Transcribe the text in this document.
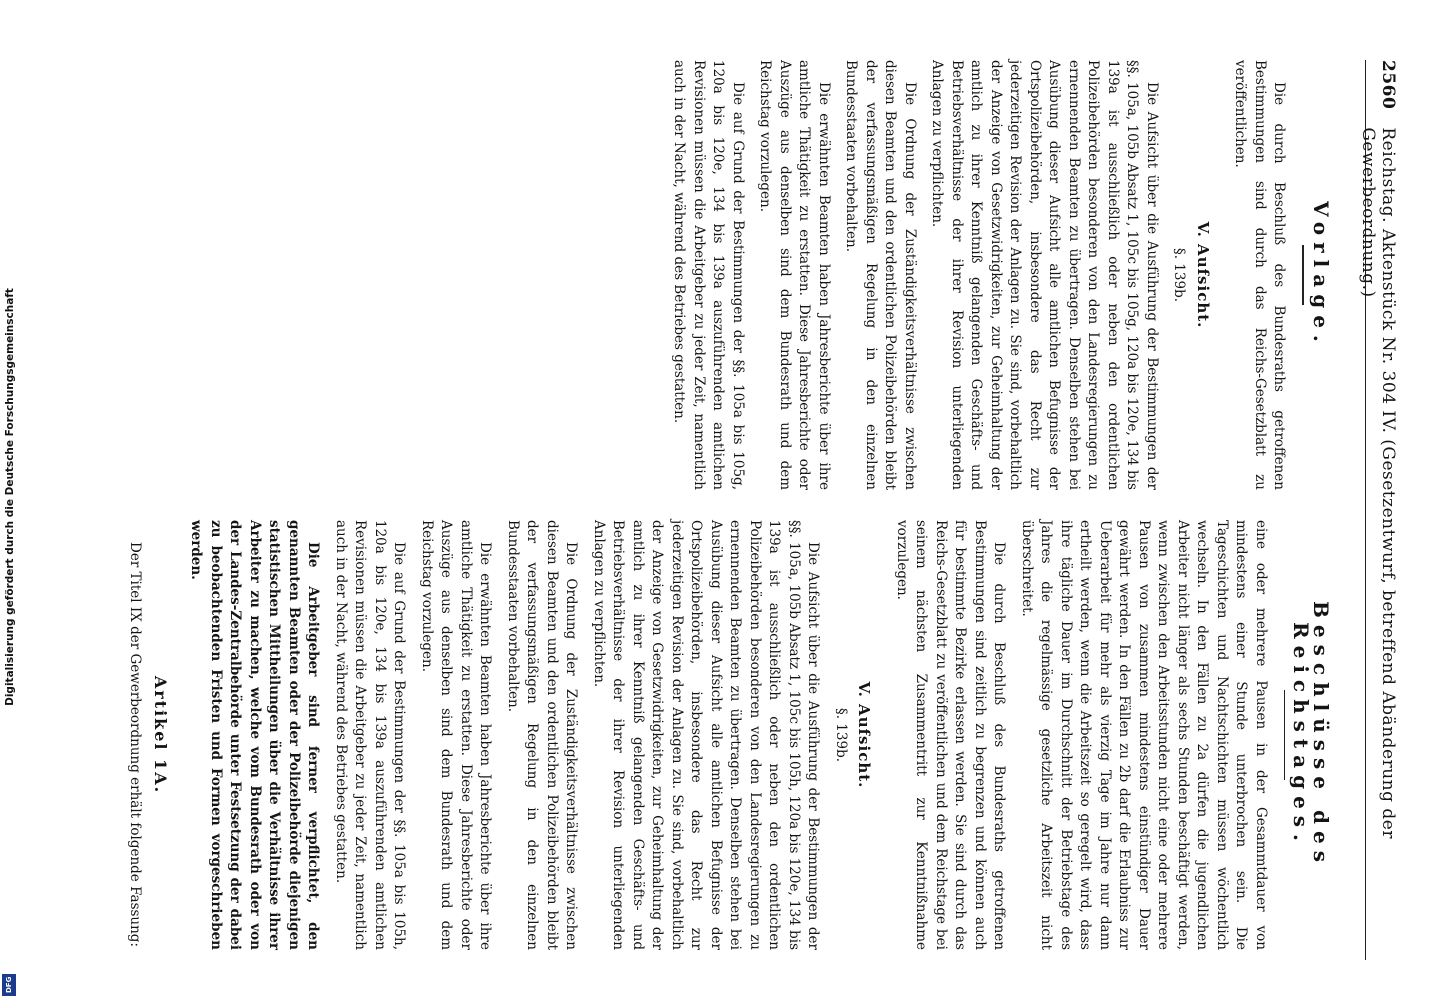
2560
Reichstag. Aktenstück Nr. 304 IV. (Gesetzentwurf, betreffend Abänderung der Gewerbeordnung.)
Vorlage.

Die durch Beschluß des Bundesraths getroffenen Bestimmungen sind durch das Reichs-Gesetzblatt zu veröffentlichen.

V. Aufsicht.
§. 139b.

Die Aufsicht über die Ausführung der Bestimmungen der §§. 105a, 105b Absatz 1, 105c bis 105g, 120a bis 120e, 134 bis 139a ist ausschließlich oder neben den ordentlichen Polizeibehörden besonderen von den Landesregierungen zu ernennenden Beamten zu übertragen. Denselben stehen bei Ausübung dieser Aufsicht alle amtlichen Befugnisse der Ortspolizeibehörden, insbesondere das Recht zur jederzeitigen Revision der Anlagen zu. Sie sind, vorbehaltlich der Anzeige von Gesetzwidrigkeiten, zur Geheimhaltung der amtlich zu ihrer Kenntniß gelangenden Geschäfts- und Betriebsverhältnisse der ihrer Revision unterliegenden Anlagen zu verpflichten.

Die Ordnung der Zuständigkeitsverhältnisse zwischen diesen Beamten und den ordentlichen Polizeibehörden bleibt der verfassungsmäßigen Regelung in den einzelnen Bundesstaaten vorbehalten.

Die erwähnten Beamten haben Jahresberichte über ihre amtliche Thätigkeit zu erstatten. Diese Jahresberichte oder Auszüge aus denselben sind dem Bundesrath und dem Reichstag vorzulegen.

Die auf Grund der Bestimmungen der §§. 105a bis 105g, 120a bis 120e, 134 bis 139a auszuführenden amtlichen Revisionen müssen die Arbeitgeber zu jeder Zeit, namentlich auch in der Nacht, während des Betriebes gestatten.

Beschlüsse des Reichstages.

eine oder mehrere Pausen in der Gesammtdauer von mindestens einer Stunde unterbrochen sein. Die Tageschichten und Nachtschichten müssen wöchentlich wechseln. In den Fällen zu 2a dürfen die jugendlichen Arbeiter nicht länger als sechs Stunden beschäftigt werden, wenn zwischen den Arbeitsstunden nicht eine oder mehrere Pausen von zusammen mindestens einstündiger Dauer gewährt werden. In den Fällen zu 2b darf die Erlaubniss zur Ueberarbeit für mehr als vierzig Tage im Jahre nur dann ertheilt werden, wenn die Arbeitszeit so geregelt wird, dass ihre tägliche Dauer im Durchschnitt der Betriebstage des Jahres die regelmässige gesetzliche Arbeitszeit nicht überschreitet.

Die durch Beschluß des Bundesraths getroffenen Bestimmungen sind zeitlich zu begrenzen und können auch für bestimmte Bezirke erlassen werden. Sie sind durch das Reichs-Gesetzblatt zu veröffentlichen und dem Reichstage bei seinem nächsten Zusammentritt zur Kenntnißnahme vorzulegen.

V. Aufsicht.
§. 139b.

Die Aufsicht über die Ausführung der Bestimmungen der §§. 105a, 105b Absatz 1, 105c bis 105h, 120a bis 120e, 134 bis 139a ist ausschließlich oder neben den ordentlichen Polizeibehörden besonderen von den Landesregierungen zu ernennenden Beamten zu übertragen. Denselben stehen bei Ausübung dieser Aufsicht alle amtlichen Befugnisse der Ortspolizeibehörden, insbesondere das Recht zur jederzeitigen Revision der Anlagen zu. Sie sind, vorbehaltlich der Anzeige von Gesetzwidrigkeiten, zur Geheimhaltung der amtlich zu ihrer Kenntniß gelangenden Geschäfts- und Betriebsverhältnisse der ihrer Revision unterliegenden Anlagen zu verpflichten.

Die Ordnung der Zuständigkeitsverhältnisse zwischen diesen Beamten und den ordentlichen Polizeibehörden bleibt der verfassungsmäßigen Regelung in den einzelnen Bundesstaaten vorbehalten.

Die erwähnten Beamten haben Jahresberichte über ihre amtliche Thätigkeit zu erstatten. Diese Jahresberichte oder Auszüge aus denselben sind dem Bundesrath und dem Reichstag vorzulegen.

Die auf Grund der Bestimmungen der §§. 105a bis 105h, 120a bis 120e, 134 bis 139a auszuführenden amtlichen Revisionen müssen die Arbeitgeber zu jeder Zeit, namentlich auch in der Nacht, während des Betriebes gestatten.

Die Arbeitgeber sind ferner verpflichtet, den genannten Beamten oder der Polizeibehörde diejenigen statistischen Mittheilungen über die Verhältnisse ihrer Arbeiter zu machen, welche vom Bundesrath oder von der Landes-Zentralbehörde unter Festsetzung der dabei zu beobachtenden Fristen und Formen vorgeschrieben werden.

Artikel 1A.

Der Titel IX der Gewerbeordnung erhält folgende Fassung:

Digitalisierung gefördert durch die Deutsche Forschungsgemeinschaft
DFG
